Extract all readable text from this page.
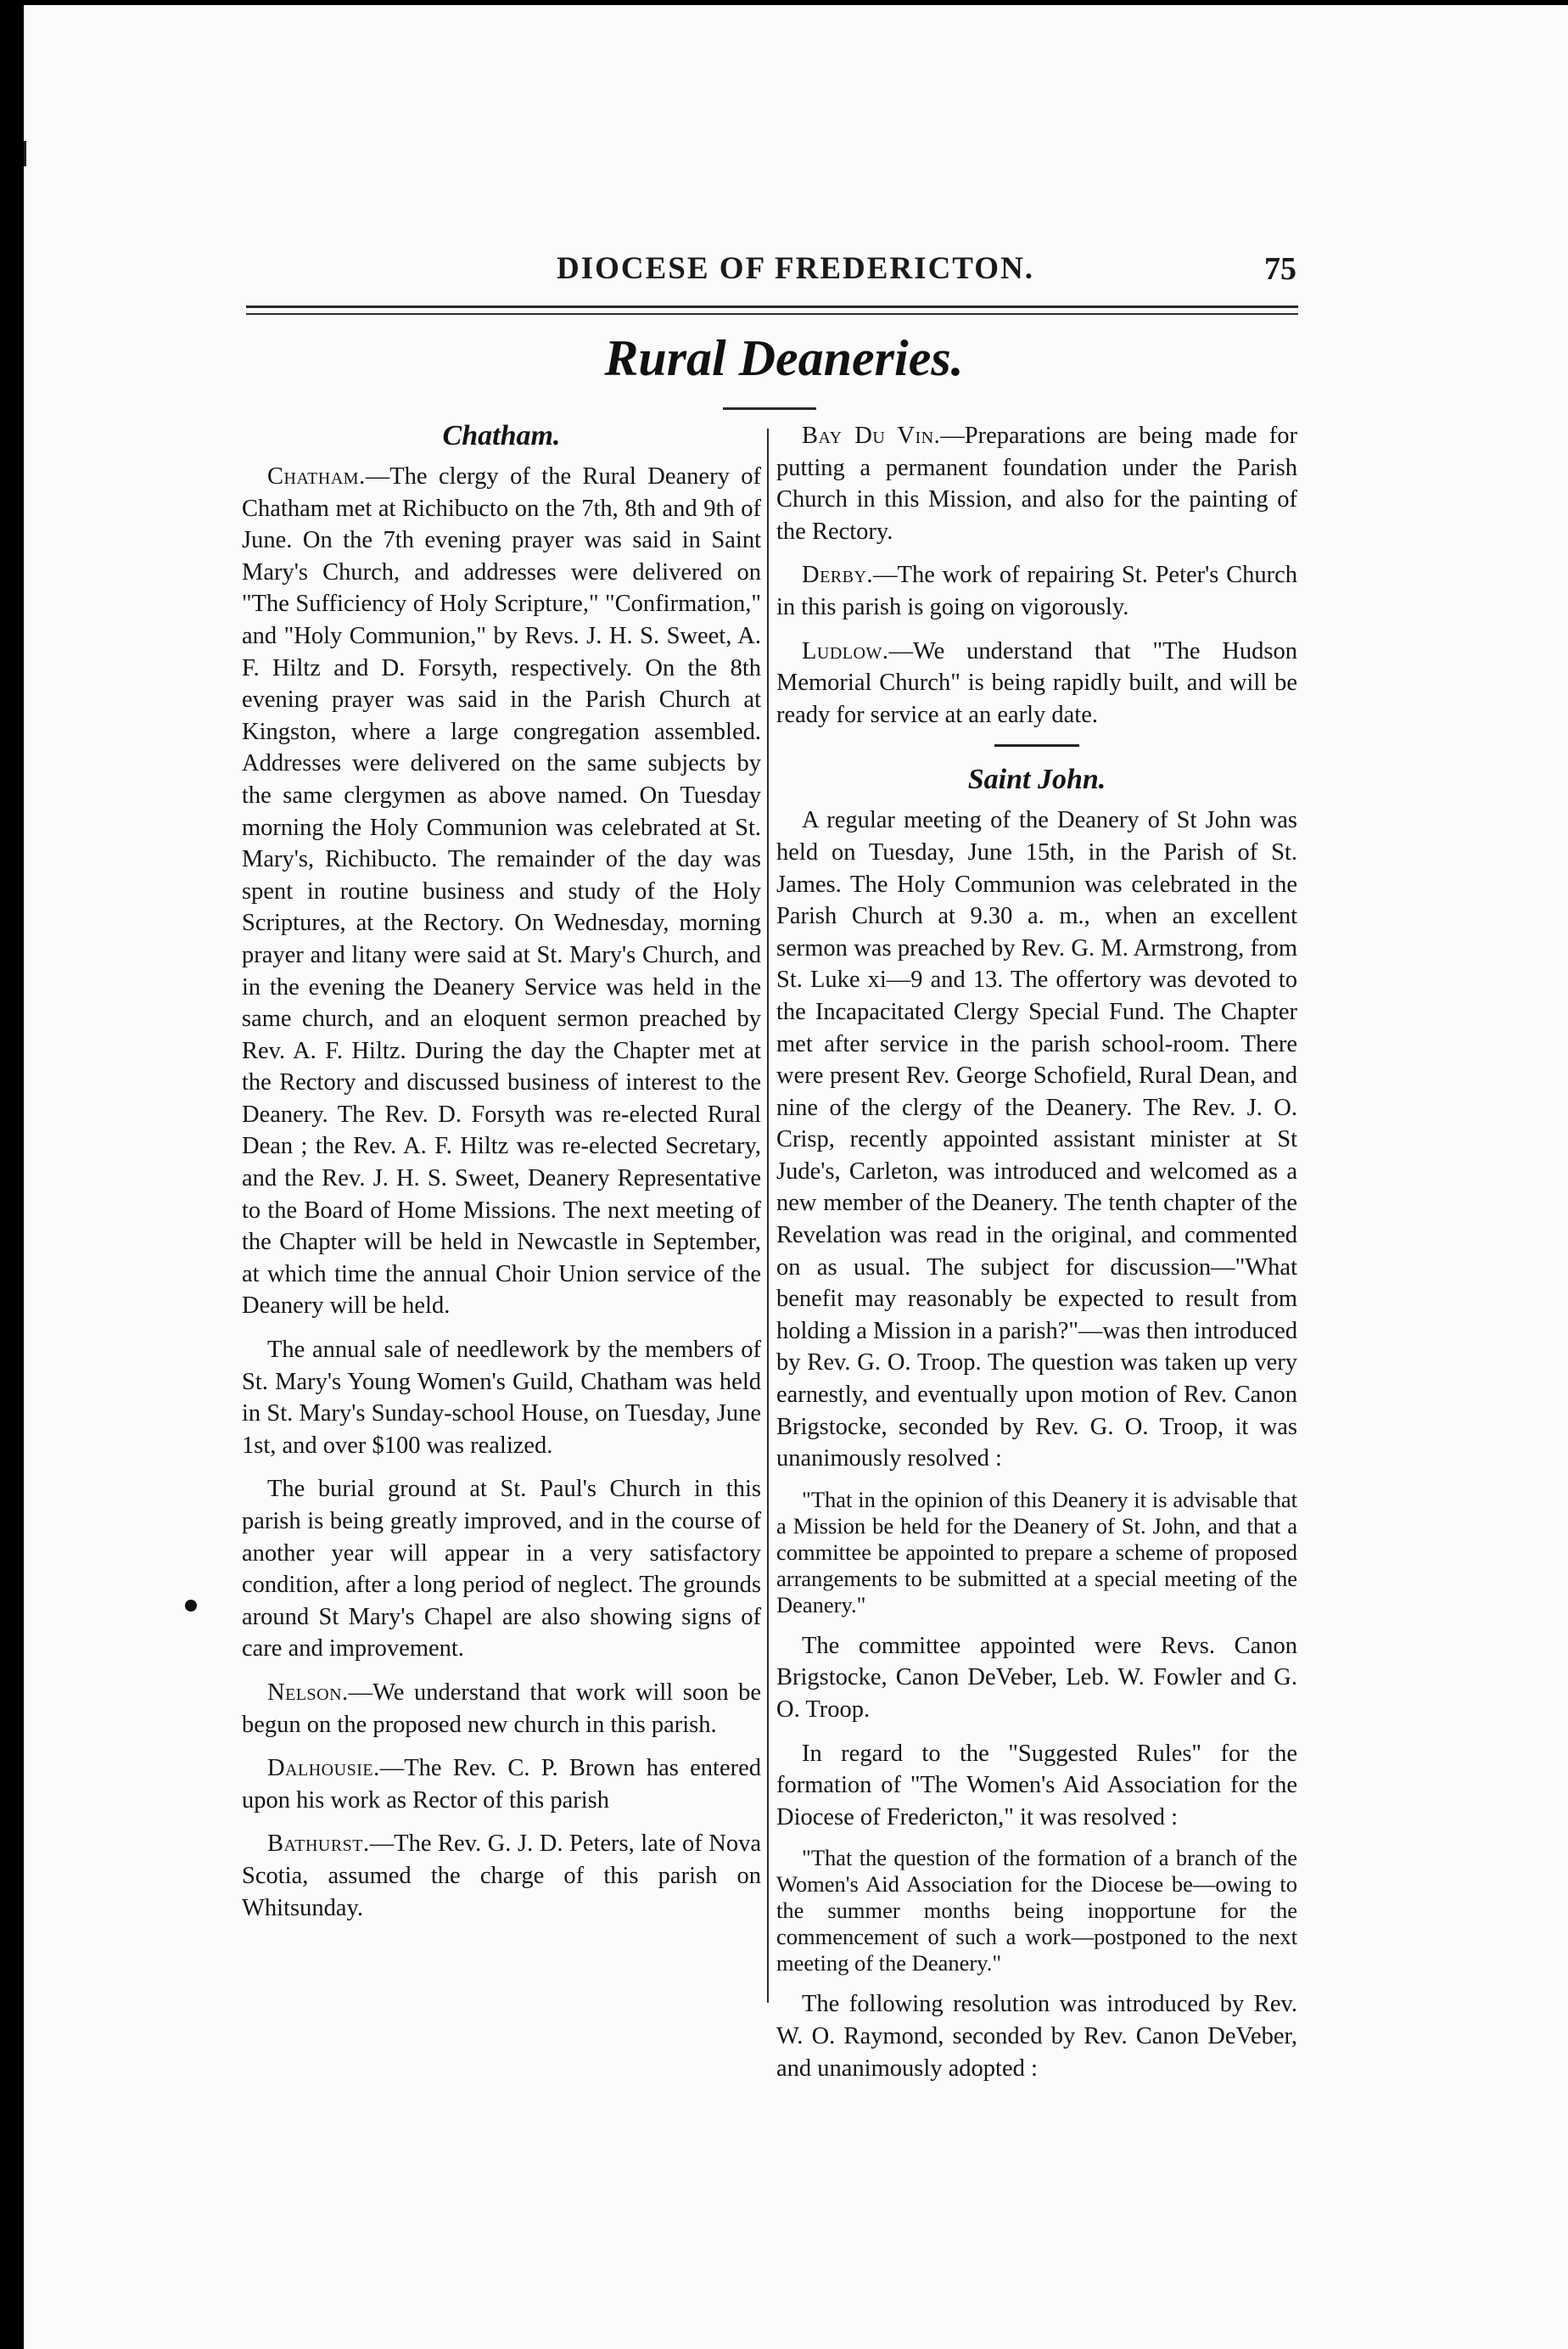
DIOCESE OF FREDERICTON.	75
Rural Deaneries.
Chatham.

Chatham.—The clergy of the Rural Deanery of Chatham met at Richibucto on the 7th, 8th and 9th of June. On the 7th evening prayer was said in Saint Mary's Church, and addresses were delivered on "The Sufficiency of Holy Scripture," "Confirmation," and "Holy Communion," by Revs. J. H. S. Sweet, A. F. Hiltz and D. Forsyth, respectively. On the 8th evening prayer was said in the Parish Church at Kingston, where a large congregation assembled. Addresses were delivered on the same subjects by the same clergymen as above named. On Tuesday morning the Holy Communion was celebrated at St. Mary's, Richibucto. The remainder of the day was spent in routine business and study of the Holy Scriptures, at the Rectory. On Wednesday, morning prayer and litany were said at St. Mary's Church, and in the evening the Deanery Service was held in the same church, and an eloquent sermon preached by Rev. A. F. Hiltz. During the day the Chapter met at the Rectory and discussed business of interest to the Deanery. The Rev. D. Forsyth was re-elected Rural Dean ; the Rev. A. F. Hiltz was re-elected Secretary, and the Rev. J. H. S. Sweet, Deanery Representative to the Board of Home Missions. The next meeting of the Chapter will be held in Newcastle in September, at which time the annual Choir Union service of the Deanery will be held.

The annual sale of needlework by the members of St. Mary's Young Women's Guild, Chatham was held in St. Mary's Sunday-school House, on Tuesday, June 1st, and over $100 was realized.

The burial ground at St. Paul's Church in this parish is being greatly improved, and in the course of another year will appear in a very satisfactory condition, after a long period of neglect. The grounds around St Mary's Chapel are also showing signs of care and improvement.

Nelson.—We understand that work will soon be begun on the proposed new church in this parish.

Dalhousie.—The Rev. C. P. Brown has entered upon his work as Rector of this parish

Bathurst.—The Rev. G. J. D. Peters, late of Nova Scotia, assumed the charge of this parish on Whitsunday.

Bay Du Vin.—Preparations are being made for putting a permanent foundation under the Parish Church in this Mission, and also for the painting of the Rectory.

Derby.—The work of repairing St. Peter's Church in this parish is going on vigorously.

Ludlow.—We understand that "The Hudson Memorial Church" is being rapidly built, and will be ready for service at an early date.

Saint John.

A regular meeting of the Deanery of St John was held on Tuesday, June 15th, in the Parish of St. James. The Holy Communion was celebrated in the Parish Church at 9.30 a. m., when an excellent sermon was preached by Rev. G. M. Armstrong, from St. Luke xi—9 and 13. The offertory was devoted to the Incapacitated Clergy Special Fund. The Chapter met after service in the parish school-room. There were present Rev. George Schofield, Rural Dean, and nine of the clergy of the Deanery. The Rev. J. O. Crisp, recently appointed assistant minister at St Jude's, Carleton, was introduced and welcomed as a new member of the Deanery. The tenth chapter of the Revelation was read in the original, and commented on as usual. The subject for discussion—"What benefit may reasonably be expected to result from holding a Mission in a parish?"—was then introduced by Rev. G. O. Troop. The question was taken up very earnestly, and eventually upon motion of Rev. Canon Brigstocke, seconded by Rev. G. O. Troop, it was unanimously resolved :

"That in the opinion of this Deanery it is advisable that a Mission be held for the Deanery of St. John, and that a committee be appointed to prepare a scheme of proposed arrangements to be submitted at a special meeting of the Deanery."

The committee appointed were Revs. Canon Brigstocke, Canon DeVeber, Leb. W. Fowler and G. O. Troop.

In regard to the "Suggested Rules" for the formation of "The Women's Aid Association for the Diocese of Fredericton," it was resolved :

"That the question of the formation of a branch of the Women's Aid Association for the Diocese be—owing to the summer months being inopportune for the commencement of such a work—postponed to the next meeting of the Deanery."

The following resolution was introduced by Rev. W. O. Raymond, seconded by Rev. Canon DeVeber, and unanimously adopted :
